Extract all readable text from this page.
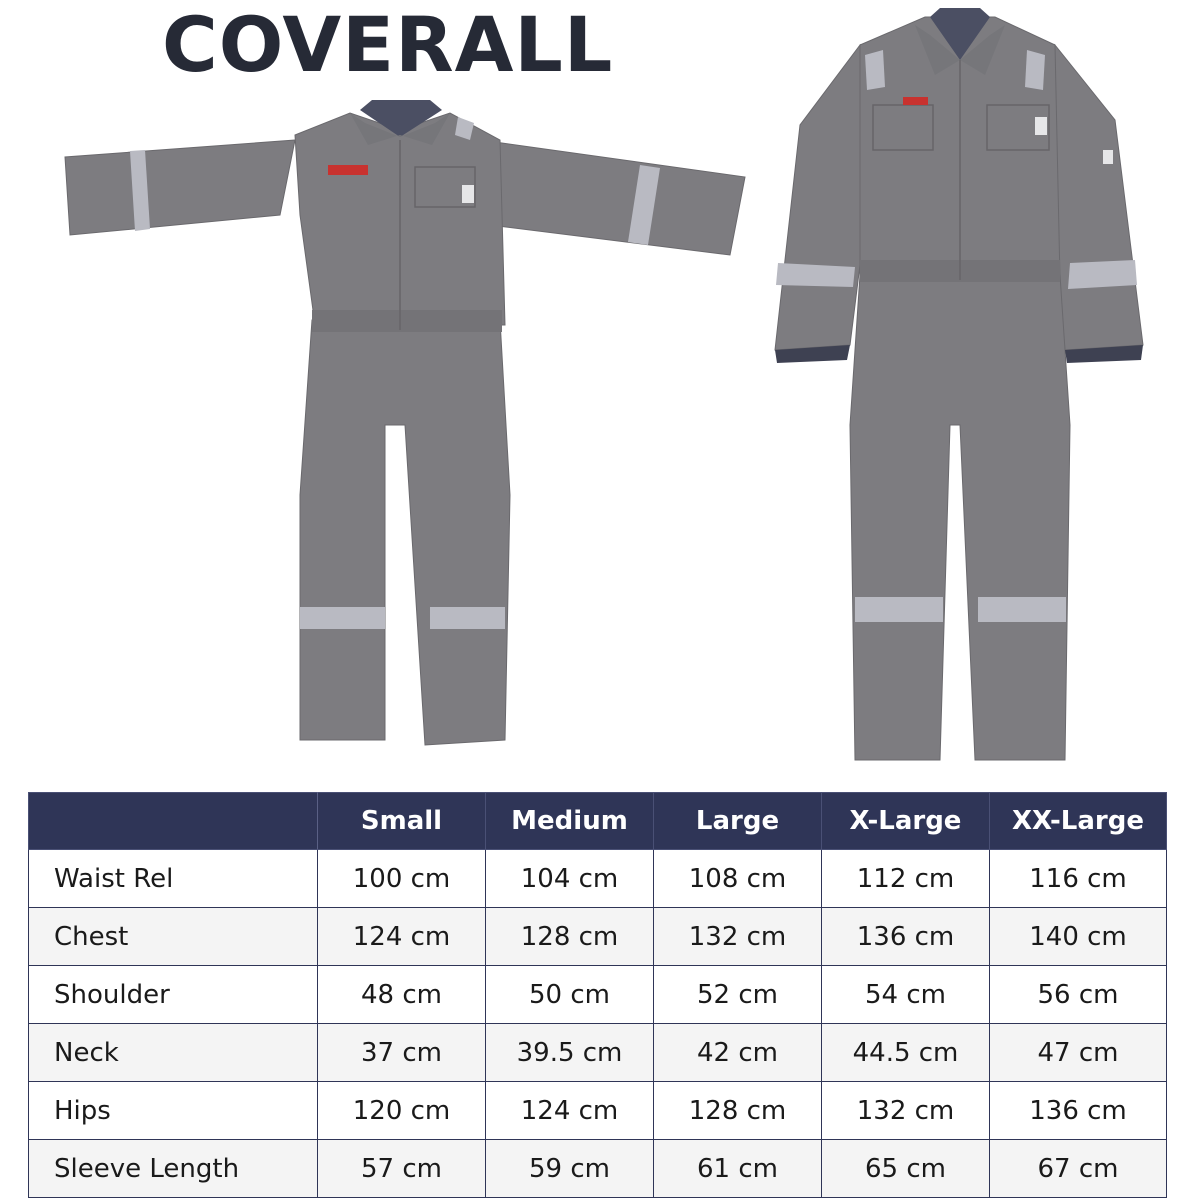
COVERALL
	Small	Medium	Large	X-Large	XX-Large
Waist Rel	100 cm	104 cm	108 cm	112 cm	116 cm
Chest	124 cm	128 cm	132 cm	136 cm	140 cm
Shoulder	48 cm	50 cm	52 cm	54 cm	56 cm
Neck	37 cm	39.5 cm	42 cm	44.5 cm	47 cm
Hips	120 cm	124 cm	128 cm	132 cm	136 cm
Sleeve Length	57 cm	59 cm	61 cm	65 cm	67 cm
